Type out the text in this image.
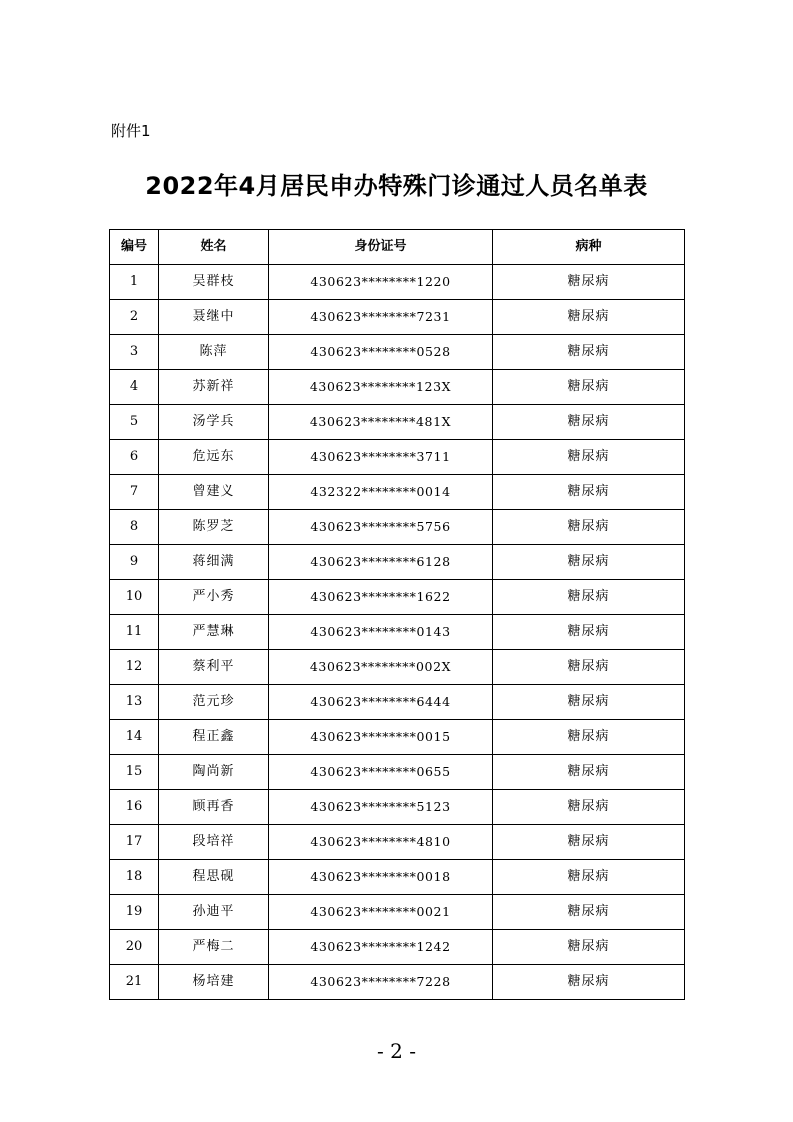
附件1
2022年4月居民申办特殊门诊通过人员名单表
编号	姓名	身份证号	病种
1	吴群枝	430623********1220	糖尿病
2	聂继中	430623********7231	糖尿病
3	陈萍	430623********0528	糖尿病
4	苏新祥	430623********123X	糖尿病
5	汤学兵	430623********481X	糖尿病
6	危远东	430623********3711	糖尿病
7	曾建义	432322********0014	糖尿病
8	陈罗芝	430623********5756	糖尿病
9	蒋细满	430623********6128	糖尿病
10	严小秀	430623********1622	糖尿病
11	严慧琳	430623********0143	糖尿病
12	蔡利平	430623********002X	糖尿病
13	范元珍	430623********6444	糖尿病
14	程正鑫	430623********0015	糖尿病
15	陶尚新	430623********0655	糖尿病
16	顾再香	430623********5123	糖尿病
17	段培祥	430623********4810	糖尿病
18	程思砚	430623********0018	糖尿病
19	孙迪平	430623********0021	糖尿病
20	严梅二	430623********1242	糖尿病
21	杨培建	430623********7228	糖尿病
- 2 -
